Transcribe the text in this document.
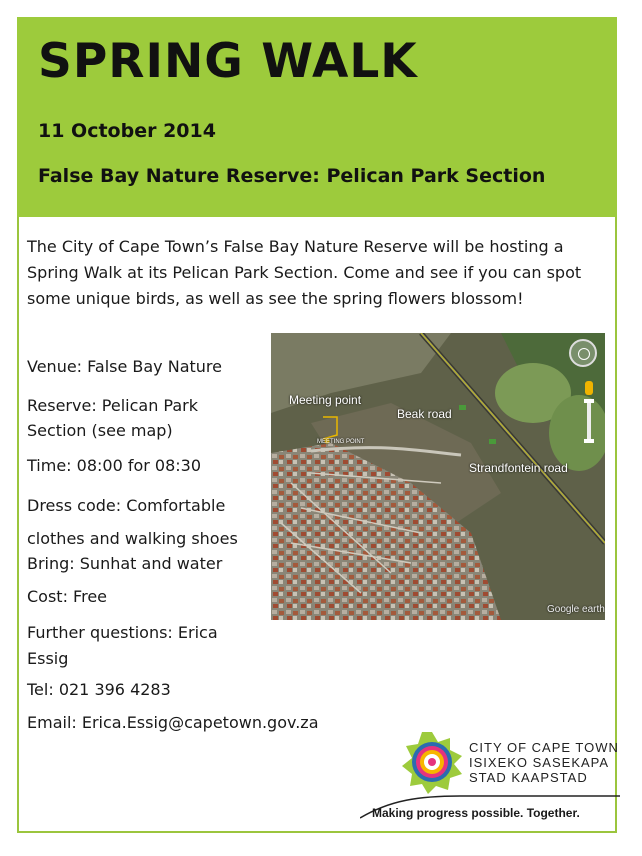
SPRING WALK

11 October 2014

False Bay Nature Reserve: Pelican Park Section

The City of Cape Town’s False Bay Nature Reserve will be hosting a Spring Walk at its Pelican Park Section. Come and see if you can spot some unique birds, as well as see the spring flowers blossom!

Venue: False Bay Nature

Reserve: Pelican Park Section (see map)

Time: 08:00 for 08:30

Dress code: Comfortable clothes and walking shoes

Bring: Sunhat and water

Cost: Free

Further questions: Erica Essig

Tel: 021 396 4283

Email: Erica.Essig@capetown.gov.za

Meeting point
Beak road
Strandfontein road
MEETING POINT
Google earth

CITY OF CAPE TOWN
ISIXEKO SASEKAPA
STAD KAAPSTAD

Making progress possible. Together.
